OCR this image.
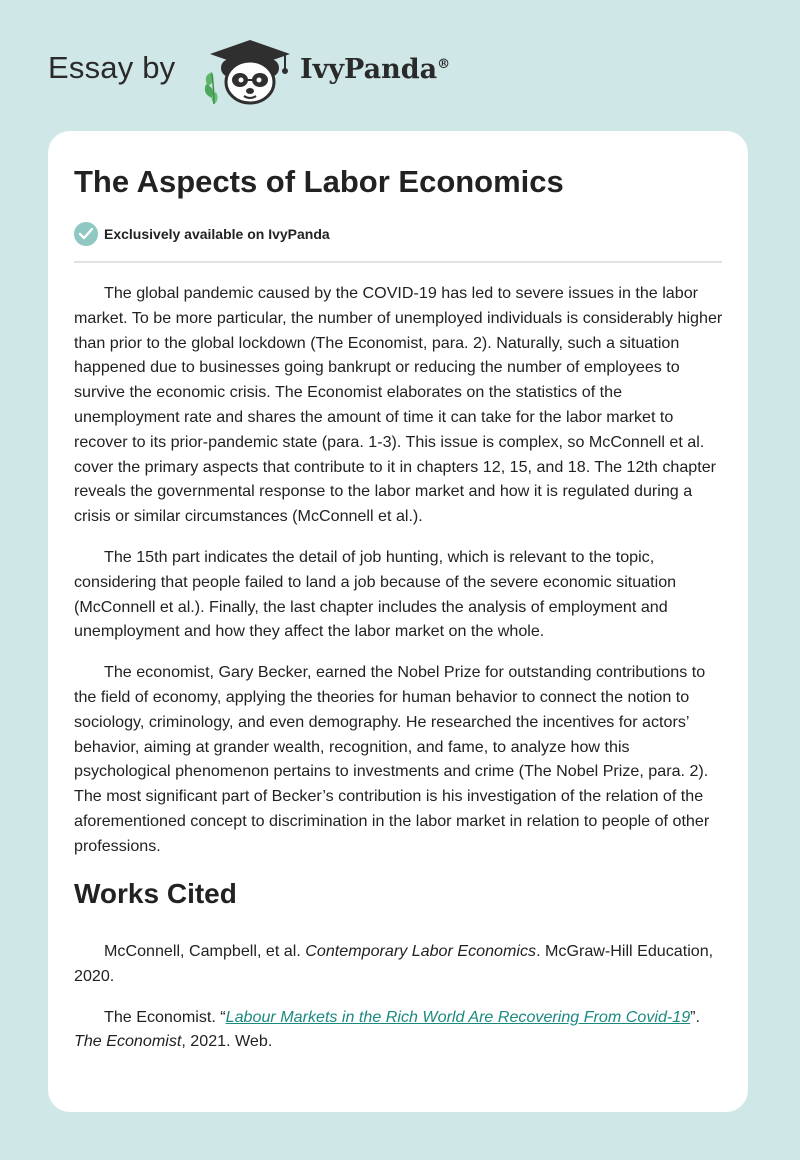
Essay by	IvyPanda®
The Aspects of Labor Economics
Exclusively available on IvyPanda

The global pandemic caused by the COVID-19 has led to severe issues in the labor market. To be more particular, the number of unemployed individuals is considerably higher than prior to the global lockdown (The Economist, para. 2). Naturally, such a situation happened due to businesses going bankrupt or reducing the number of employees to survive the economic crisis. The Economist elaborates on the statistics of the unemployment rate and shares the amount of time it can take for the labor market to recover to its prior-pandemic state (para. 1-3). This issue is complex, so McConnell et al. cover the primary aspects that contribute to it in chapters 12, 15, and 18. The 12th chapter reveals the governmental response to the labor market and how it is regulated during a crisis or similar circumstances (McConnell et al.).

The 15th part indicates the detail of job hunting, which is relevant to the topic, considering that people failed to land a job because of the severe economic situation (McConnell et al.). Finally, the last chapter includes the analysis of employment and unemployment and how they affect the labor market on the whole.

The economist, Gary Becker, earned the Nobel Prize for outstanding contributions to the field of economy, applying the theories for human behavior to connect the notion to sociology, criminology, and even demography. He researched the incentives for actors’ behavior, aiming at grander wealth, recognition, and fame, to analyze how this psychological phenomenon pertains to investments and crime (The Nobel Prize, para. 2). The most significant part of Becker’s contribution is his investigation of the relation of the aforementioned concept to discrimination in the labor market in relation to people of other professions.

Works Cited

McConnell, Campbell, et al. Contemporary Labor Economics. McGraw-Hill Education, 2020.

The Economist. “Labour Markets in the Rich World Are Recovering From Covid-19”. The Economist, 2021. Web.
